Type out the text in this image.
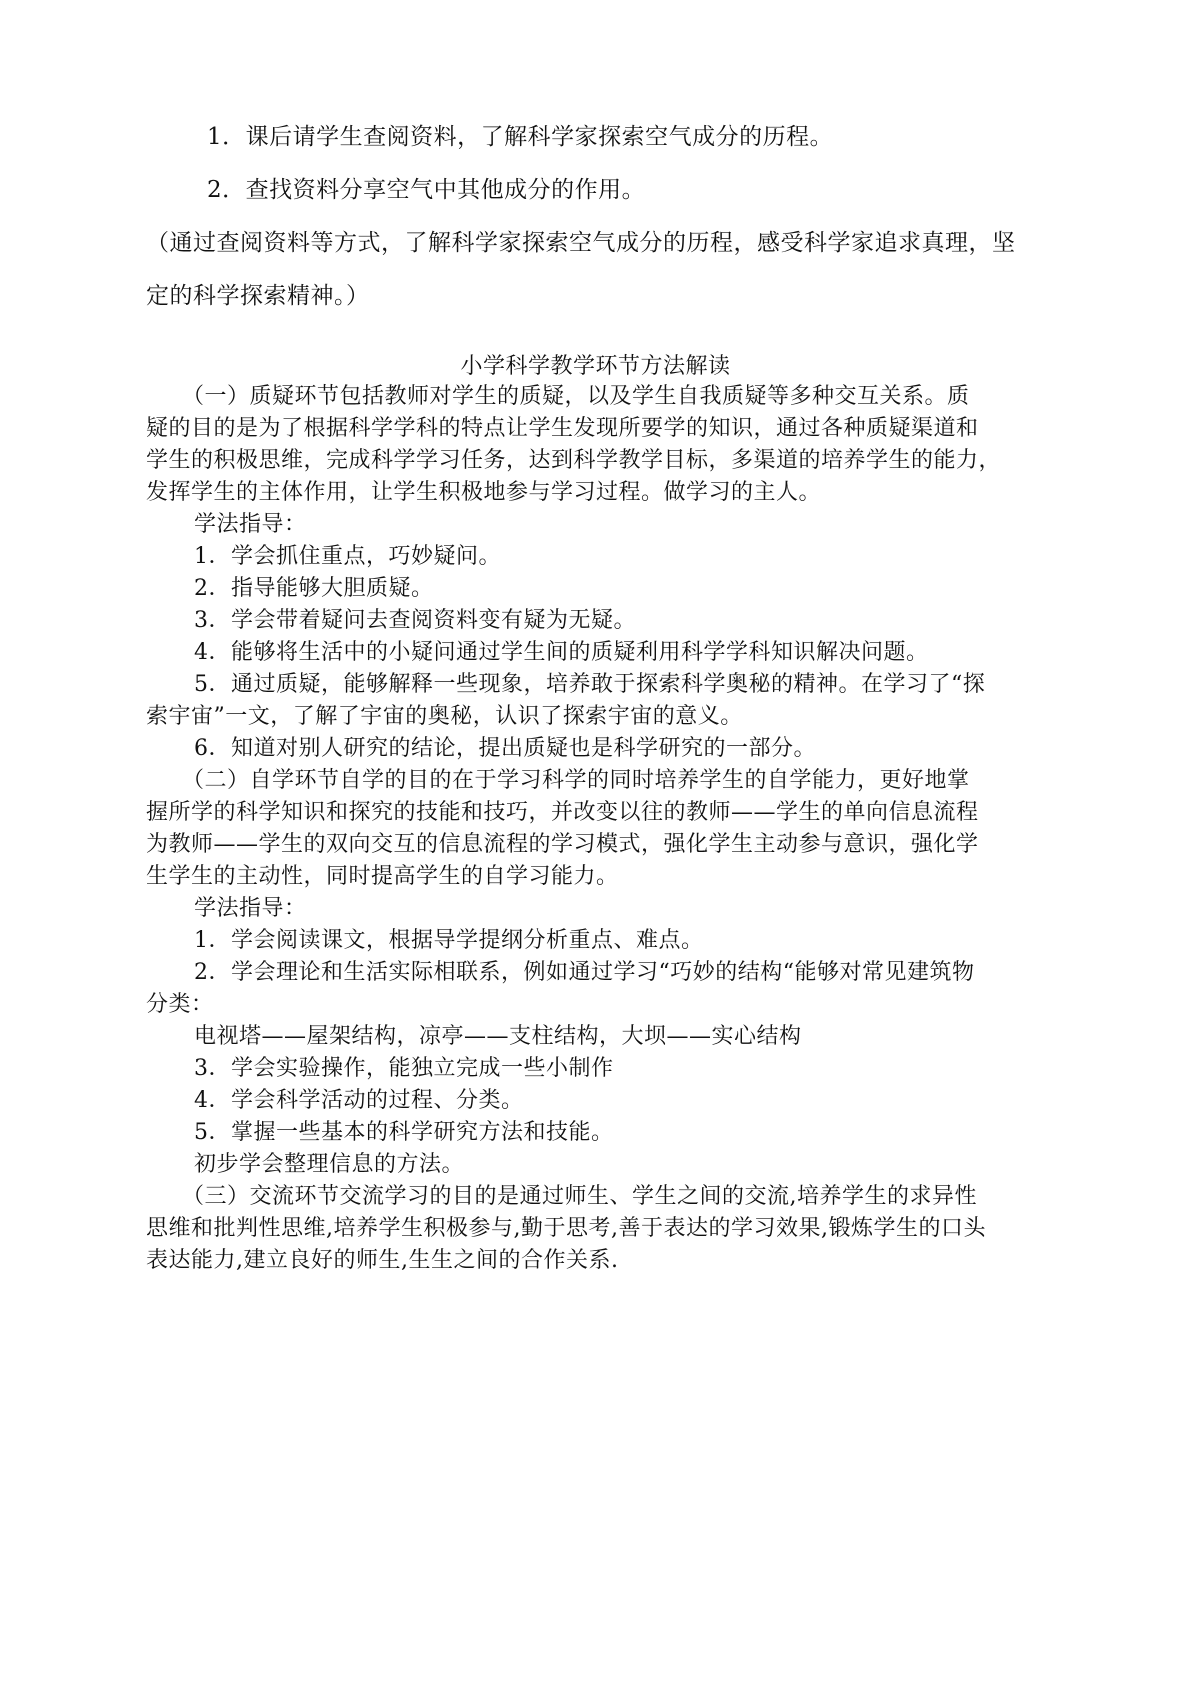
1．课后请学生查阅资料，了解科学家探索空气成分的历程。
2．查找资料分享空气中其他成分的作用。
（通过查阅资料等方式，了解科学家探索空气成分的历程，感受科学家追求真理，坚
定的科学探索精神。）
小学科学教学环节方法解读
（一）质疑环节包括教师对学生的质疑，以及学生自我质疑等多种交互关系。质
疑的目的是为了根据科学学科的特点让学生发现所要学的知识，通过各种质疑渠道和
学生的积极思维，完成科学学习任务，达到科学教学目标，多渠道的培养学生的能力，
发挥学生的主体作用，让学生积极地参与学习过程。做学习的主人。
学法指导：
1．学会抓住重点，巧妙疑问。
2．指导能够大胆质疑。
3．学会带着疑问去查阅资料变有疑为无疑。
4．能够将生活中的小疑问通过学生间的质疑利用科学学科知识解决问题。
5．通过质疑，能够解释一些现象，培养敢于探索科学奥秘的精神。在学习了“探
索宇宙”一文，了解了宇宙的奥秘，认识了探索宇宙的意义。
6．知道对别人研究的结论，提出质疑也是科学研究的一部分。
（二）自学环节自学的目的在于学习科学的同时培养学生的自学能力，更好地掌
握所学的科学知识和探究的技能和技巧，并改变以往的教师——学生的单向信息流程
为教师——学生的双向交互的信息流程的学习模式，强化学生主动参与意识，强化学
生学生的主动性，同时提高学生的自学习能力。
学法指导：
1．学会阅读课文，根据导学提纲分析重点、难点。
2．学会理论和生活实际相联系，例如通过学习“巧妙的结构“能够对常见建筑物
分类：
电视塔——屋架结构，凉亭——支柱结构，大坝——实心结构
3．学会实验操作，能独立完成一些小制作
4．学会科学活动的过程、分类。
5．掌握一些基本的科学研究方法和技能。
初步学会整理信息的方法。
（三）交流环节交流学习的目的是通过师生、学生之间的交流,培养学生的求异性
思维和批判性思维,培养学生积极参与,勤于思考,善于表达的学习效果,锻炼学生的口头
表达能力,建立良好的师生,生生之间的合作关系.
